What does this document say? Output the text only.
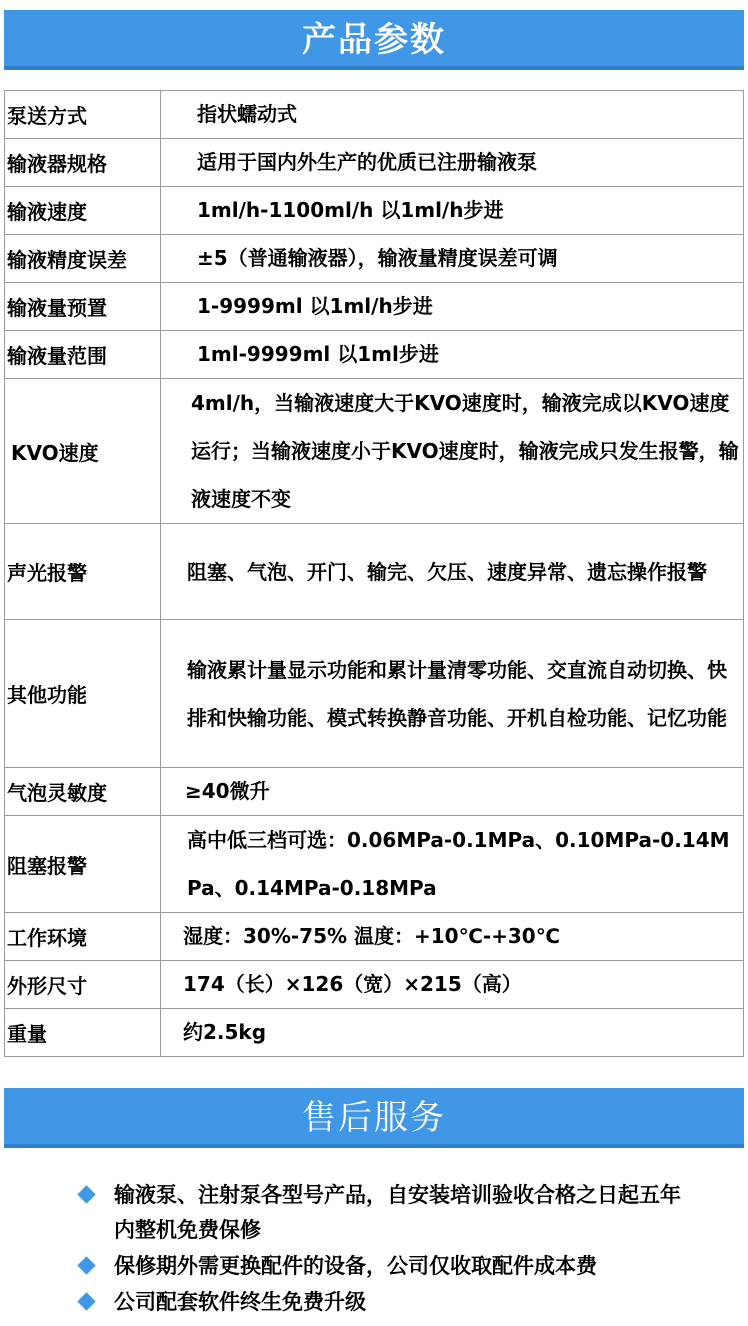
产品参数
泵送方式	指状蠕动式
输液器规格	适用于国内外生产的优质已注册输液泵
输液速度	1ml/h-1100ml/h 以1ml/h步进
输液精度误差	±5（普通输液器），输液量精度误差可调
输液量预置	1-9999ml 以1ml/h步进
输液量范围	1ml-9999ml 以1ml步进
KVO速度	4ml/h，当输液速度大于KVO速度时，输液完成以KVO速度运行；当输液速度小于KVO速度时，输液完成只发生报警，输液速度不变
声光报警	阻塞、气泡、开门、输完、欠压、速度异常、遗忘操作报警
其他功能	输液累计量显示功能和累计量清零功能、交直流自动切换、快排和快输功能、模式转换静音功能、开机自检功能、记忆功能
气泡灵敏度	≥40微升
阻塞报警	高中低三档可选：0.06MPa-0.1MPa、0.10MPa-0.14MPa、0.14MPa-0.18MPa
工作环境	湿度：30%-75% 温度：+10℃-+30℃
外形尺寸	174（长）×126（宽）×215（高）
重量	约2.5kg
售后服务
输液泵、注射泵各型号产品，自安装培训验收合格之日起五年内整机免费保修
保修期外需更换配件的设备，公司仅收取配件成本费
公司配套软件终生免费升级
